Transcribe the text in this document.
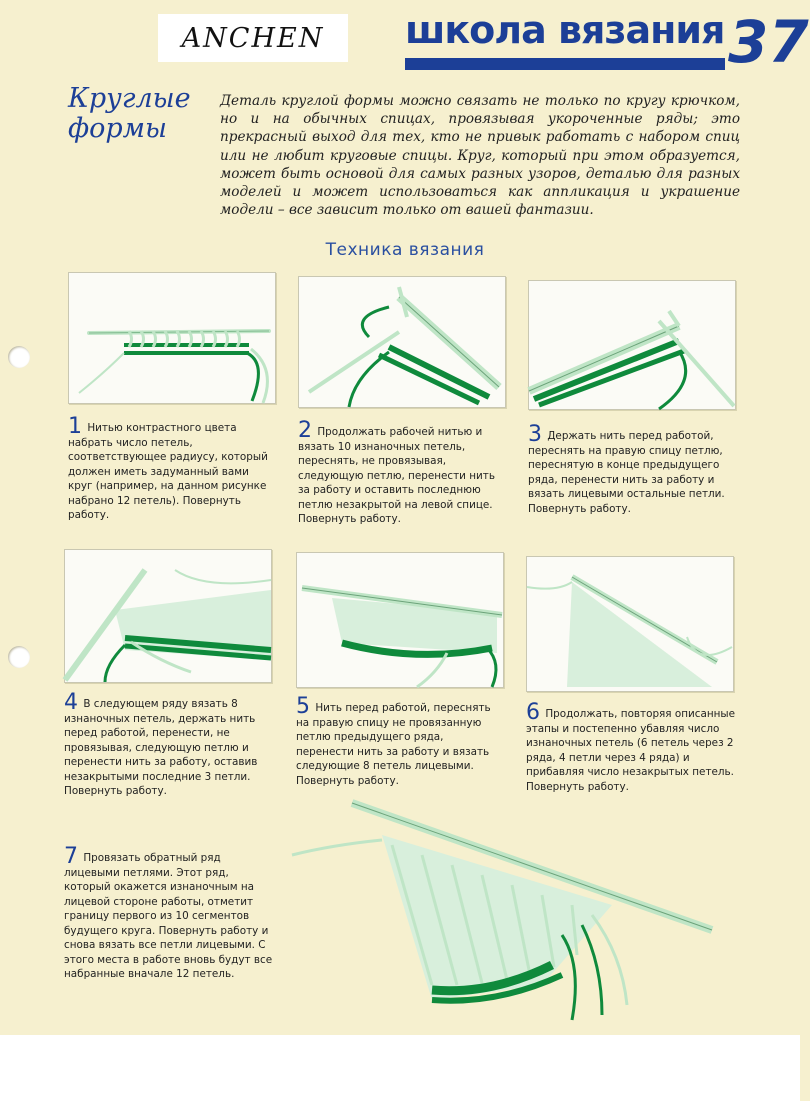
ANCHEN школа вязания 37
Круглые формы
Деталь круглой формы можно связать не только по кругу крючком, но и на обычных спицах, провязывая укороченные ряды; это прекрасный выход для тех, кто не привык работать с набором спиц или не любит круговые спицы. Круг, который при этом образуется, может быть основой для самых разных узоров, деталью для разных моделей и может использоваться как аппликация и украшение модели – все зависит только от вашей фантазии.
Техника вязания
1 Нитью контрастного цвета набрать число петель, соответствующее радиусу, который должен иметь задуманный вами круг (например, на данном рисунке набрано 12 петель). Повернуть работу.
2 Продолжать рабочей нитью и вязать 10 изнаночных петель, переснять, не провязывая, следующую петлю, перенести нить за работу и оставить последнюю петлю незакрытой на левой спице. Повернуть работу.
3 Держать нить перед работой, переснять на правую спицу петлю, переснятую в конце предыдущего ряда, перенести нить за работу и вязать лицевыми остальные петли. Повернуть работу.
4 В следующем ряду вязать 8 изнаночных петель, держать нить перед работой, перенести, не провязывая, следующую петлю и перенести нить за работу, оставив незакрытыми последние 3 петли. Повернуть работу.
5 Нить перед работой, переснять на правую спицу не провязанную петлю предыдущего ряда, перенести нить за работу и вязать следующие 8 петель лицевыми. Повернуть работу.
6 Продолжать, повторяя описанные этапы и постепенно убавляя число изнаночных петель (6 петель через 2 ряда, 4 петли через 4 ряда) и прибавляя число незакрытых петель. Повернуть работу.
7 Провязать обратный ряд лицевыми петлями. Этот ряд, который окажется изнаночным на лицевой стороне работы, отметит границу первого из 10 сегментов будущего круга. Повернуть работу и снова вязать все петли лицевыми. С этого места в работе вновь будут все набранные вначале 12 петель.
